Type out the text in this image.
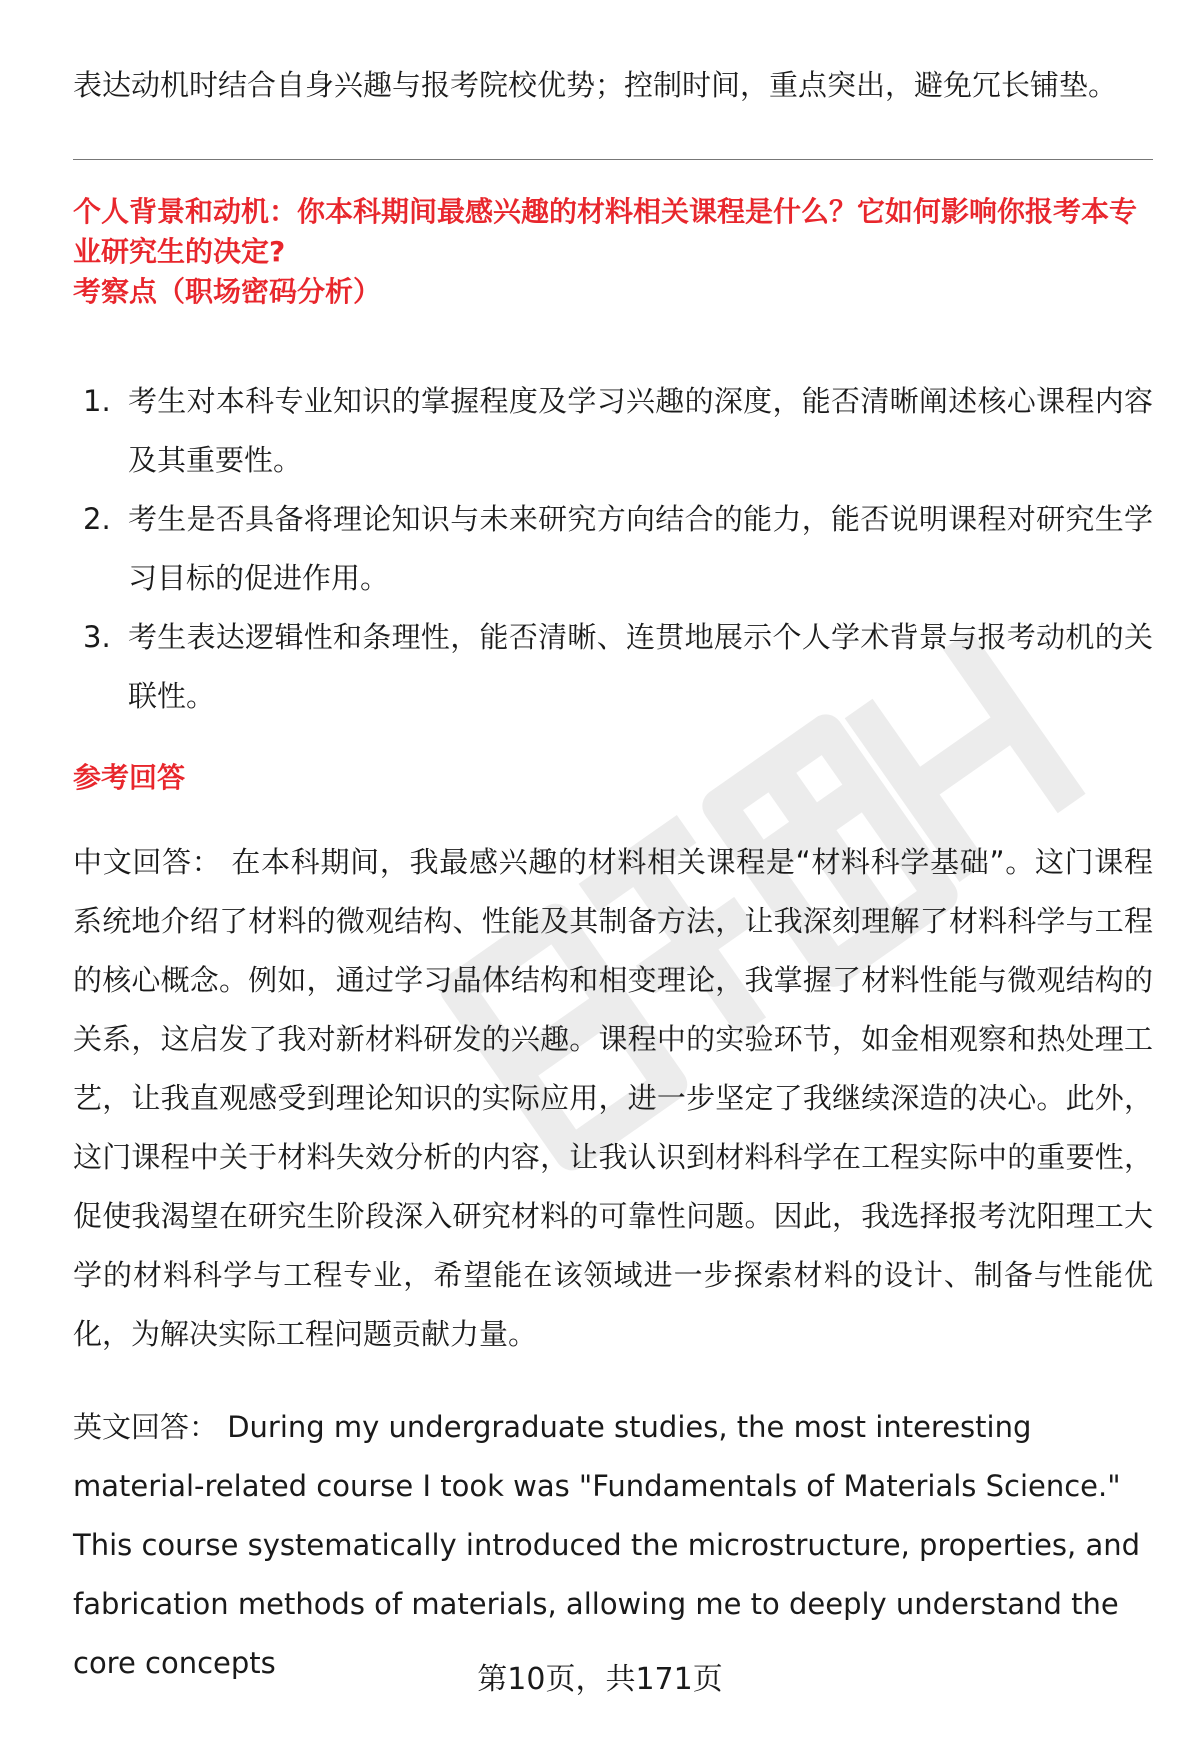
表达动机时结合自身兴趣与报考院校优势；控制时间，重点突出，避免冗长铺垫。

个人背景和动机：你本科期间最感兴趣的材料相关课程是什么？它如何影响你报考本专业研究生的决定?

考察点（职场密码分析）

1. 考生对本科专业知识的掌握程度及学习兴趣的深度，能否清晰阐述核心课程内容及其重要性。
2. 考生是否具备将理论知识与未来研究方向结合的能力，能否说明课程对研究生学习目标的促进作用。
3. 考生表达逻辑性和条理性，能否清晰、连贯地展示个人学术背景与报考动机的关联性。

参考回答

中文回答： 在本科期间，我最感兴趣的材料相关课程是“材料科学基础”。这门课程系统地介绍了材料的微观结构、性能及其制备方法，让我深刻理解了材料科学与工程的核心概念。例如，通过学习晶体结构和相变理论，我掌握了材料性能与微观结构的关系，这启发了我对新材料研发的兴趣。课程中的实验环节，如金相观察和热处理工艺，让我直观感受到理论知识的实际应用，进一步坚定了我继续深造的决心。此外，这门课程中关于材料失效分析的内容，让我认识到材料科学在工程实际中的重要性，促使我渴望在研究生阶段深入研究材料的可靠性问题。因此，我选择报考沈阳理工大学的材料科学与工程专业，希望能在该领域进一步探索材料的设计、制备与性能优化，为解决实际工程问题贡献力量。

英文回答： During my undergraduate studies, the most interesting material-related course I took was "Fundamentals of Materials Science." This course systematically introduced the microstructure, properties, and fabrication methods of materials, allowing me to deeply understand the core concepts	第10页，共171页
